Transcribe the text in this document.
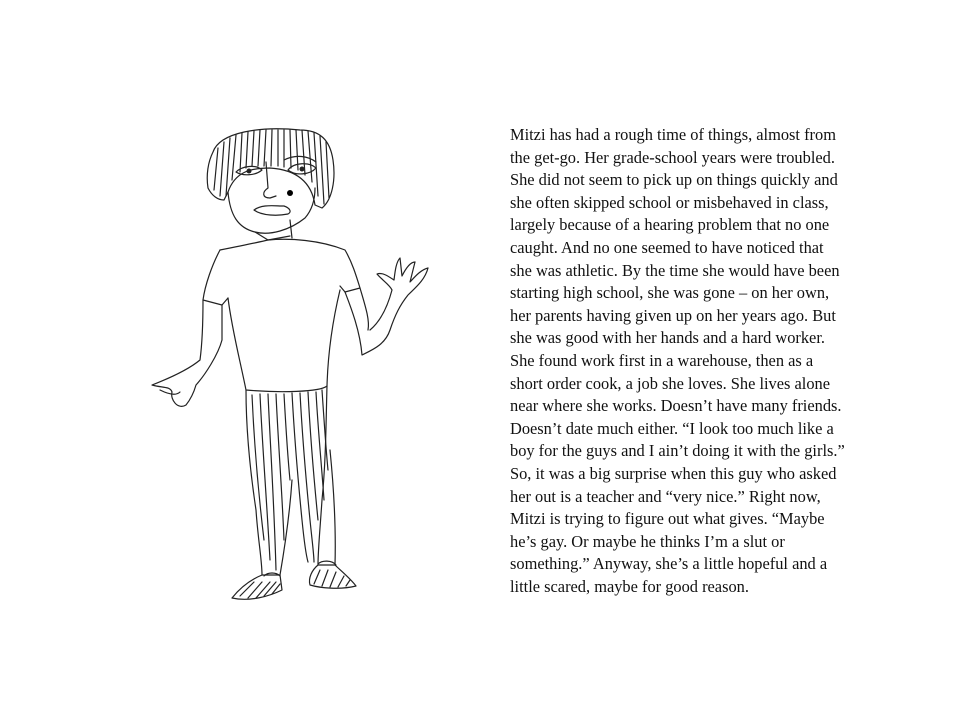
Mitzi has had a rough time of things, almost from
the get-go. Her grade-school years were troubled.
She did not seem to pick up on things quickly and
she often skipped school or misbehaved in class,
largely because of a hearing problem that no one
caught. And no one seemed to have noticed that
she was athletic. By the time she would have been
starting high school, she was gone – on her own,
her parents having given up on her years ago. But
she was good with her hands and a hard worker.
She found work first in a warehouse, then as a
short order cook, a job she loves. She lives alone
near where she works. Doesn’t have many friends.
Doesn’t date much either. “I look too much like a
boy for the guys and I ain’t doing it with the girls.”
So, it was a big surprise when this guy who asked
her out is a teacher and “very nice.” Right now,
Mitzi is trying to figure out what gives. “Maybe
he’s gay. Or maybe he thinks I’m a slut or
something.” Anyway, she’s a little hopeful and a
little scared, maybe for good reason.
